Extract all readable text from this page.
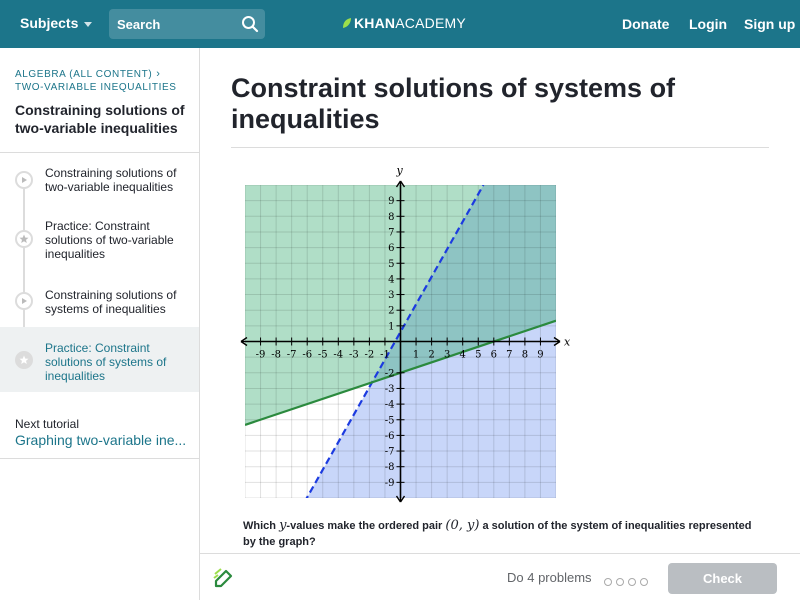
Subjects
Search	KHANACADEMY	Donate Login Sign up
ALGEBRA (ALL CONTENT) ›
TWO-VARIABLE INEQUALITIES
Constraining solutions of two-variable inequalities
Constraining solutions of two-variable inequalities
Practice: Constraint solutions of two-variable inequalities
Constraining solutions of systems of inequalities
Practice: Constraint solutions of systems of inequalities
Next tutorial
Graphing two-variable ine...
Constraint solutions of systems of inequalities
-9 -8 -7 -6 -5 -4 -3 -2 -1 1 2 3 4 5 6 7 8 9
9
8
7
6
5
4
3
2
1
-2
-3
-4
-5
-6
-7
-8
-9
x
y
Which y-values make the ordered pair (0, y) a solution of the system of inequalities represented by the graph?
Do 4 problems	Check
